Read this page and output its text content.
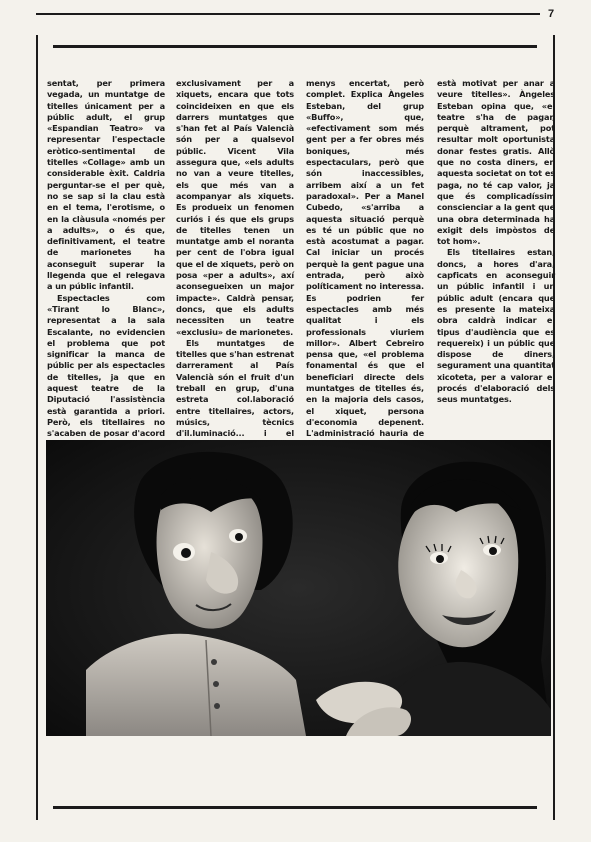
7

sentat, per primera vegada, un muntatge de titelles únicament per a públic adult, el grup «Espandian Teatro» va representar l'espectacle eròtico-sentimental de titelles «Collage» amb un considerable èxit. Caldria perguntar-se el per què, no se sap si la clau està en el tema, l'erotisme, o en la clàusula «només per a adults», o és que, definitivament, el teatre de marionetes ha aconseguit superar la llegenda que el relegava a un públic infantil.

Espectacles com «Tirant lo Blanc», representat a la sala Escalante, no evidencien el problema que pot significar la manca de públic per als espectacles de titelles, ja que en aquest teatre de la Diputació l'assistència està garantida a priori. Però, els titellaires no s'acaben de posar d'acord

exclusivament per a xiquets, encara que tots coincideixen en que els darrers muntatges que s'han fet al País Valencià són per a qualsevol públic. Vicent Vila assegura que, «els adults no van a veure titelles, els que més van a acompanyar als xiquets. Es produeix un fenomen curiós i és que els grups de titelles tenen un muntatge amb el noranta per cent de l'obra igual que el de xiquets, però on posa «per a adults», axí aconsegueixen un major impacte». Caldrà pensar, doncs, que els adults necessiten un teatre «exclusiu» de marionetes.

Els muntatges de titelles que s'han estrenat darrerament al País Valencià són el fruit d'un treball en grup, d'una estreta col.laboració entre titellaires, actors, músics, tècnics d'il.luminació... i el

menys encertat, però complet. Explica Àngeles Esteban, del grup «Buffo», que, «efectivament som més gent per a fer obres més boniques, més espectaculars, però que són inaccessibles, arribem així a un fet paradoxal». Per a Manel Cubedo, «s'arriba a aquesta situació perquè es té un públic que no està acostumat a pagar. Cal iniciar un procés perquè la gent pague una entrada, però això políticament no interessa. Es podrien fer espectacles amb més qualitat i els professionals viuriem millor». Albert Cebreiro pensa que, «el problema fonamental és que el beneficiari directe dels muntatges de titelles és, en la majoria dels casos, el xiquet, persona d'economia depenent. L'administració hauria de

està motivat per anar a veure titelles». Àngeles Esteban opina que, «el teatre s'ha de pagar, perquè altrament, pot resultar molt oportunista donar festes gratis. Allò que no costa diners, en aquesta societat on tot es paga, no té cap valor, ja que és complicadíssim conscienciar a la gent que una obra determinada ha exigit dels impòstos de tot hom».

Els titellaires estan, doncs, a hores d'ara, capficats en aconseguir un públic infantil i un públic adult (encara que es presente la mateixa obra caldrà indicar el tipus d'audiència que es requereix) i un públic que dispose de diners, segurament una quantitat xicoteta, per a valorar el procés d'elaboració dels seus muntatges.
